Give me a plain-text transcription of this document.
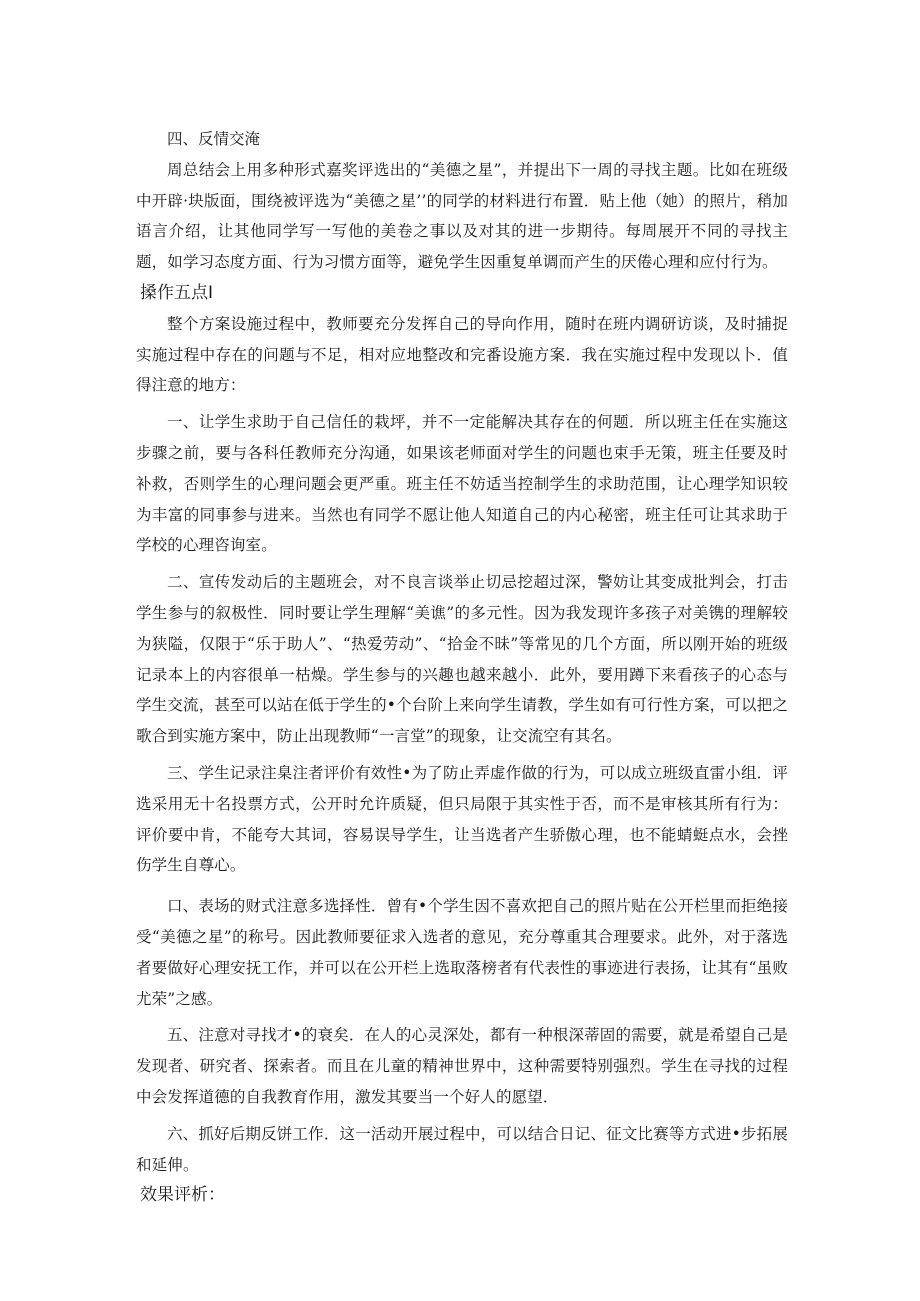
四、反情交淹

周总结会上用多种形式嘉奖评选出的“美德之星”，并提出下一周的寻找主题。比如在班级中开辟·块版面，围绕被评选为“美德之星’’的同学的材料进行布置．贴上他（她）的照片，稍加语言介绍，让其他同学写一写他的美卷之事以及对其的进一步期待。每周展开不同的寻找主题，如学习态度方面、行为习惯方面等，避免学生因重复单调而产生的厌倦心理和应付行为。

搡作五点I

整个方案设施过程中，教师要充分发挥自己的导向作用，随时在班内调研访谈，及时捕捉实施过程中存在的问题与不足，相对应地整改和完番设施方案．我在实施过程中发现以卜．值得注意的地方：

一、让学生求助于自己信任的栽坪，并不一定能解决其存在的何题．所以班主任在实施这步骤之前，要与各科任教师充分沟通，如果该老师面对学生的问题也束手无策，班主任要及时补救，否则学生的心理问题会更严重。班主任不妨适当控制学生的求助范围，让心理学知识较为丰富的同事参与进来。当然也有同学不愿让他人知道自己的内心秘密，班主任可让其求助于学校的心理咨询室。

二、宣传发动后的主题班会，对不良言谈举止切忌挖超过深，警妨让其变成批判会，打击学生参与的叙极性．同时要让学生理解“美谯”的多元性。因为我发现许多孩子对美镌的理解较为狭隘，仅限于“乐于助人”、“热爱劳动”、“拾金不昧”等常见的几个方面，所以刚开始的班级记录本上的内容很单一枯燥。学生参与的兴趣也越来越小．此外，要用蹲下来看孩子的心态与学生交流，甚至可以站在低于学生的•个台阶上来向学生请教，学生如有可行性方案，可以把之歌合到实施方案中，防止出现教师“一言堂”的现象，让交流空有其名。

三、学生记录注臬注者评价有效性•为了防止弄虚作做的行为，可以成立班级直雷小组．评选采用无十名投票方式，公开时允许质疑，但只局限于其实性于否，而不是审核其所有行为：评价要中肯，不能夸大其词，容易误导学生，让当选者产生骄傲心理，也不能蜻蜓点水，会挫伤学生自尊心。

口、表场的财式注意多选择性．曾有•个学生因不喜欢把自己的照片贴在公开栏里而拒绝接受“美德之星”的称号。因此教师要征求入选者的意见，充分尊重其合理要求。此外，对于落选者要做好心理安抚工作，并可以在公开栏上选取落榜者有代表性的事迹进行表扬，让其有“虽败尤荣”之感。

五、注意对寻找才•的衰矣．在人的心灵深处，都有一种根深蒂固的需要，就是希望自己是发现者、研究者、探索者。而且在儿童的精神世界中，这种需要特别强烈。学生在寻找的过程中会发挥道德的自我教育作用，激发其要当一个好人的愿望．

六、抓好后期反饼工作．这一活动开展过程中，可以结合日记、征文比赛等方式进•步拓展和延伸。

效果评析：
